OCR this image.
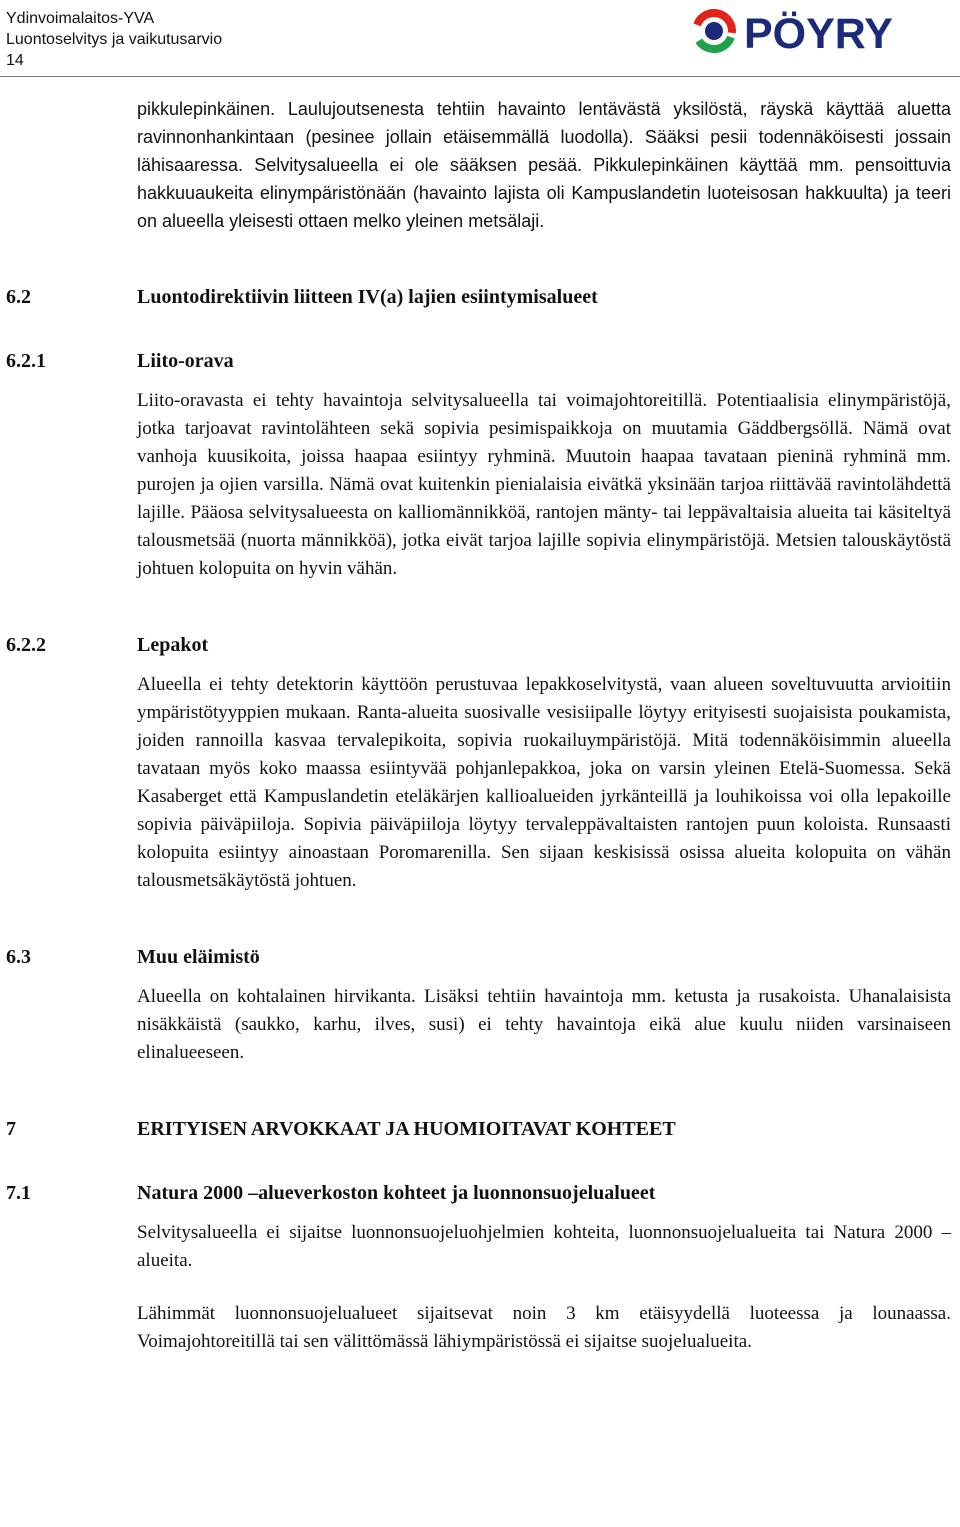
Ydinvoimalaitos-YVA
Luontoselvitys ja vaikutusarvio
14
PÖYRY
pikkulepinkäinen. Laulujoutsenesta tehtiin havainto lentävästä yksilöstä, räyskä käyttää aluetta ravinnonhankintaan (pesinee jollain etäisemmällä luodolla). Sääksi pesii todennäköisesti jossain lähisaaressa. Selvitysalueella ei ole sääksen pesää. Pikkulepinkäinen käyttää mm. pensoittuvia hakkuuaukeita elinympäristönään (havainto lajista oli Kampuslandetin luoteisosan hakkuulta) ja teeri on alueella yleisesti ottaen melko yleinen metsälaji.
6.2	Luontodirektiivin liitteen IV(a) lajien esiintymisalueet
6.2.1	Liito-orava
Liito-oravasta ei tehty havaintoja selvitysalueella tai voimajohtoreitillä. Potentiaalisia elinympäristöjä, jotka tarjoavat ravintolähteen sekä sopivia pesimispaikkoja on muutamia Gäddbergsöllä. Nämä ovat vanhoja kuusikoita, joissa haapaa esiintyy ryhminä. Muutoin haapaa tavataan pieninä ryhminä mm. purojen ja ojien varsilla. Nämä ovat kuitenkin pienialaisia eivätkä yksinään tarjoa riittävää ravintolähdettä lajille. Pääosa selvitysalueesta on kalliomännikköä, rantojen mänty- tai leppävaltaisia alueita tai käsiteltyä talousmetsää (nuorta männikköä), jotka eivät tarjoa lajille sopivia elinympäristöjä. Metsien talouskäytöstä johtuen kolopuita on hyvin vähän.
6.2.2	Lepakot
Alueella ei tehty detektorin käyttöön perustuvaa lepakkoselvitystä, vaan alueen soveltuvuutta arvioitiin ympäristötyyppien mukaan. Ranta-alueita suosivalle vesisiipalle löytyy erityisesti suojaisista poukamista, joiden rannoilla kasvaa tervalepikoita, sopivia ruokailuympäristöjä. Mitä todennäköisimmin alueella tavataan myös koko maassa esiintyvää pohjanlepakkoa, joka on varsin yleinen Etelä-Suomessa. Sekä Kasaberget että Kampuslandetin eteläkärjen kallioalueiden jyrkänteillä ja louhikoissa voi olla lepakoille sopivia päiväpiiloja. Sopivia päiväpiiloja löytyy tervaleppävaltaisten rantojen puun koloista. Runsaasti kolopuita esiintyy ainoastaan Poromarenilla. Sen sijaan keskisissä osissa alueita kolopuita on vähän talousmetsäkäytöstä johtuen.
6.3	Muu eläimistö
Alueella on kohtalainen hirvikanta. Lisäksi tehtiin havaintoja mm. ketusta ja rusakoista. Uhanalaisista nisäkkäistä (saukko, karhu, ilves, susi) ei tehty havaintoja eikä alue kuulu niiden varsinaiseen elinalueeseen.
7	ERITYISEN ARVOKKAAT JA HUOMIOITAVAT KOHTEET
7.1	Natura 2000 –alueverkoston kohteet ja luonnonsuojelualueet
Selvitysalueella ei sijaitse luonnonsuojeluohjelmien kohteita, luonnonsuojelualueita tai Natura 2000 –alueita.
Lähimmät luonnonsuojelualueet sijaitsevat noin 3 km etäisyydellä luoteessa ja lounaassa. Voimajohtoreitillä tai sen välittömässä lähiympäristössä ei sijaitse suojelualueita.
